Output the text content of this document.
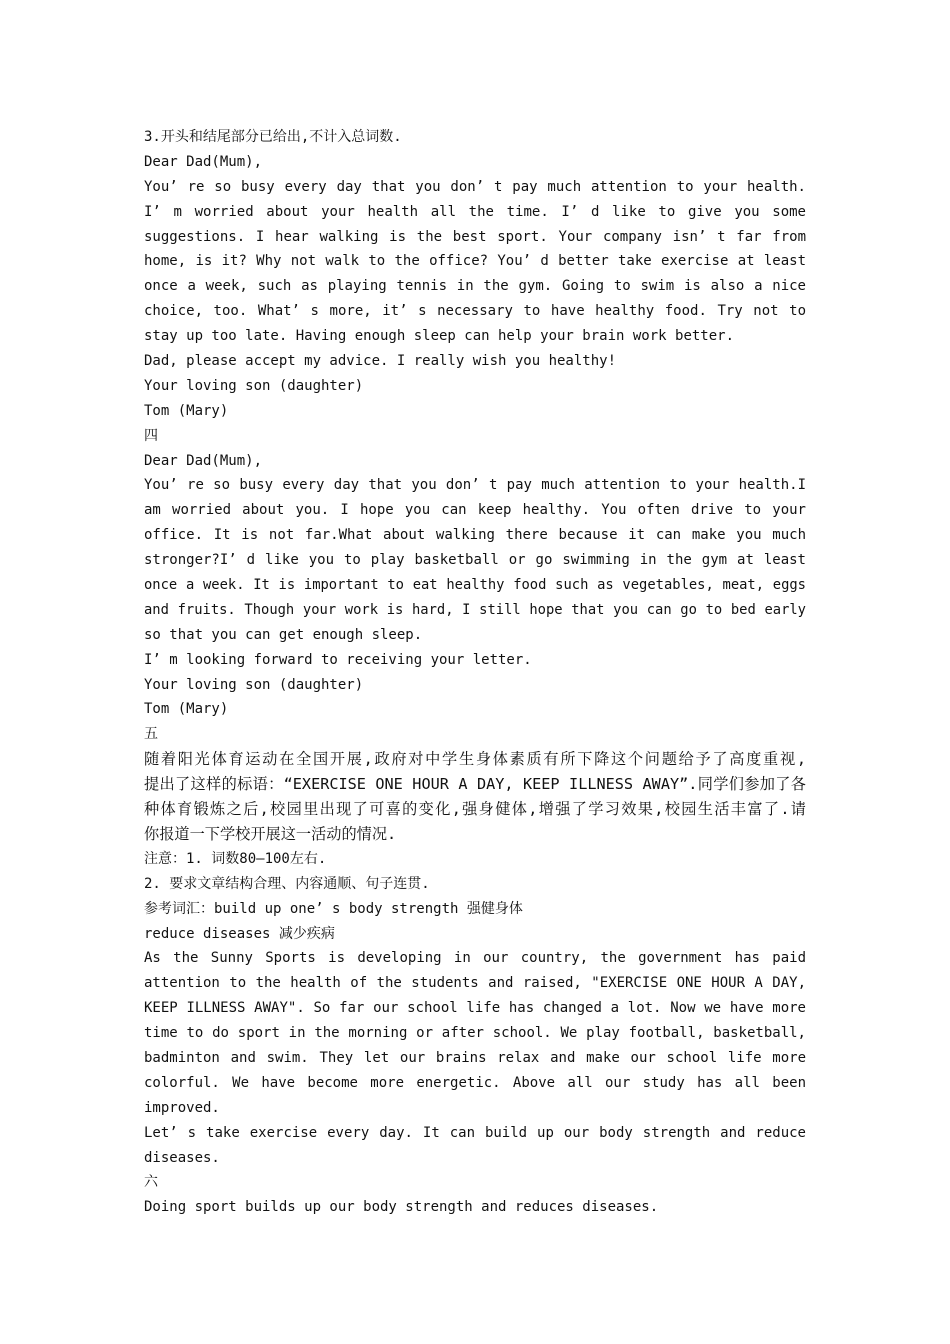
3.开头和结尾部分已给出,不计入总词数.
Dear Dad(Mum),
You’ re so busy every day that you don’ t pay much attention to your health.
I’ m worried about your health all the time. I’ d like to give you some
suggestions. I hear walking is the best sport. Your company isn’ t far from
home, is it? Why not walk to the office? You’ d better take exercise at least
once a week, such as playing tennis in the gym. Going to swim is also a nice
choice, too. What’ s more, it’ s necessary to have healthy food. Try not to
stay up too late. Having enough sleep can help your brain work better.
Dad, please accept my advice. I really wish you healthy!
Your loving son (daughter)
Tom (Mary)
四
Dear Dad(Mum),
You’ re so busy every day that you don’ t pay much attention to your health.I
am worried about you. I hope you can keep healthy. You often drive to your
office. It is not far.What about walking there because it can make you much
stronger?I’ d like you to play basketball or go swimming in the gym at least
once a week. It is important to eat healthy food such as vegetables, meat, eggs
and fruits. Though your work is hard, I still hope that you can go to bed early
so that you can get enough sleep.
I’ m looking forward to receiving your letter.
Your loving son (daughter)
Tom (Mary)
五
随着阳光体育运动在全国开展,政府对中学生身体素质有所下降这个问题给予了高度重视,
提出了这样的标语：“EXERCISE ONE HOUR A DAY, KEEP ILLNESS AWAY”.同学们参加了各
种体育锻炼之后,校园里出现了可喜的变化,强身健体,增强了学习效果,校园生活丰富了.请
你报道一下学校开展这一活动的情况.
注意：1. 词数80—100左右.
2. 要求文章结构合理、内容通顺、句子连贯.
参考词汇：build up one’ s body strength 强健身体
reduce diseases 减少疾病
As the Sunny Sports is developing in our country, the government has paid
attention to the health of the students and raised, "EXERCISE ONE HOUR A DAY,
KEEP ILLNESS AWAY". So far our school life has changed a lot. Now we have more
time to do sport in the morning or after school. We play football, basketball,
badminton and swim. They let our brains relax and make our school life more
colorful. We have become more energetic. Above all our study has all been
improved.
Let’ s take exercise every day. It can build up our body strength and reduce
diseases.
六
Doing sport builds up our body strength and reduces diseases.
